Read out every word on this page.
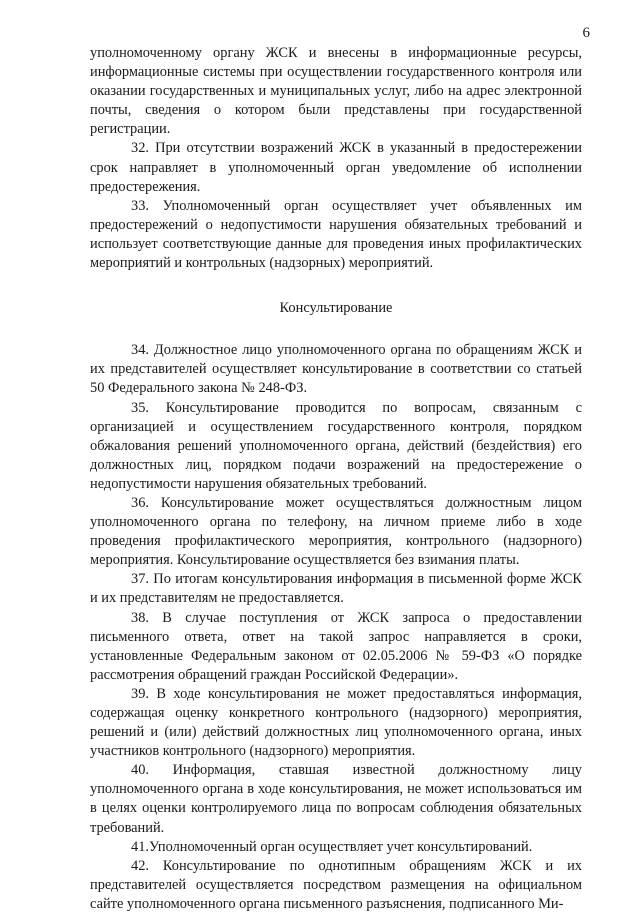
6

уполномоченному органу ЖСК и внесены в информационные ресурсы, информационные системы при осуществлении государственного контроля или оказании государственных и муниципальных услуг, либо на адрес электронной почты, сведения о котором были представлены при государственной регистрации.

32. При отсутствии возражений ЖСК в указанный в предостережении срок направляет в уполномоченный орган уведомление об исполнении предостережения.

33. Уполномоченный орган осуществляет учет объявленных им предостережений о недопустимости нарушения обязательных требований и использует соответствующие данные для проведения иных профилактических мероприятий и контрольных (надзорных) мероприятий.

Консультирование

34. Должностное лицо уполномоченного органа по обращениям ЖСК и их представителей осуществляет консультирование в соответствии со статьей 50 Федерального закона № 248-ФЗ.

35. Консультирование проводится по вопросам, связанным с организацией и осуществлением государственного контроля, порядком обжалования решений уполномоченного органа, действий (бездействия) его должностных лиц, порядком подачи возражений на предостережение о недопустимости нарушения обязательных требований.

36. Консультирование может осуществляться должностным лицом уполномоченного органа по телефону, на личном приеме либо в ходе проведения профилактического мероприятия, контрольного (надзорного) мероприятия. Консультирование осуществляется без взимания платы.

37. По итогам консультирования информация в письменной форме ЖСК и их представителям не предоставляется.

38. В случае поступления от ЖСК запроса о предоставлении письменного ответа, ответ на такой запрос направляется в сроки, установленные Федеральным законом от 02.05.2006 № 59-ФЗ «О порядке рассмотрения обращений граждан Российской Федерации».

39. В ходе консультирования не может предоставляться информация, содержащая оценку конкретного контрольного (надзорного) мероприятия, решений и (или) действий должностных лиц уполномоченного органа, иных участников контрольного (надзорного) мероприятия.

40. Информация, ставшая известной должностному лицу уполномоченного органа в ходе консультирования, не может использоваться им в целях оценки контролируемого лица по вопросам соблюдения обязательных требований.

41.Уполномоченный орган осуществляет учет консультирований.

42. Консультирование по однотипным обращениям ЖСК и их представителей осуществляется посредством размещения на официальном сайте уполномоченного органа письменного разъяснения, подписанного Ми-
